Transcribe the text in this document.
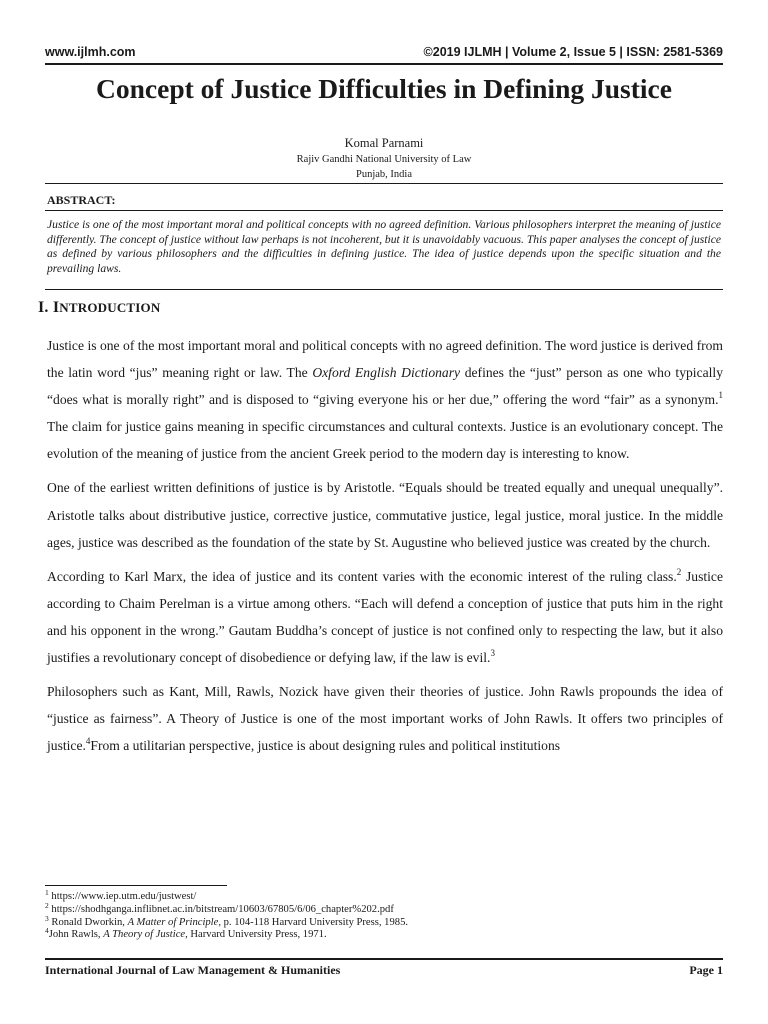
www.ijlmh.com	©2019 IJLMH | Volume 2, Issue 5 | ISSN: 2581-5369
Concept of Justice Difficulties in Defining Justice
Komal Parnami
Rajiv Gandhi National University of Law
Punjab, India
ABSTRACT:
Justice is one of the most important moral and political concepts with no agreed definition. Various philosophers interpret the meaning of justice differently. The concept of justice without law perhaps is not incoherent, but it is unavoidably vacuous. This paper analyses the concept of justice as defined by various philosophers and the difficulties in defining justice. The idea of justice depends upon the specific situation and the prevailing laws.
I. INTRODUCTION

Justice is one of the most important moral and political concepts with no agreed definition. The word justice is derived from the latin word “jus” meaning right or law. The Oxford English Dictionary defines the “just” person as one who typically “does what is morally right” and is disposed to “giving everyone his or her due,” offering the word “fair” as a synonym.$^1$ The claim for justice gains meaning in specific circumstances and cultural contexts. Justice is an evolutionary concept. The evolution of the meaning of justice from the ancient Greek period to the modern day is interesting to know.

One of the earliest written definitions of justice is by Aristotle. “Equals should be treated equally and unequal unequally”. Aristotle talks about distributive justice, corrective justice, commutative justice, legal justice, moral justice. In the middle ages, justice was described as the foundation of the state by St. Augustine who believed justice was created by the church.

According to Karl Marx, the idea of justice and its content varies with the economic interest of the ruling class.$^2$ Justice according to Chaim Perelman is a virtue among others. “Each will defend a conception of justice that puts him in the right and his opponent in the wrong.” Gautam Buddha’s concept of justice is not confined only to respecting the law, but it also justifies a revolutionary concept of disobedience or defying law, if the law is evil.$^3$

Philosophers such as Kant, Mill, Rawls, Nozick have given their theories of justice. John Rawls propounds the idea of “justice as fairness”. A Theory of Justice is one of the most important works of John Rawls. It offers two principles of justice.$^4$From a utilitarian perspective, justice is about designing rules and political institutions

$^1$ https://www.iep.utm.edu/justwest/
$^2$ https://shodhganga.inflibnet.ac.in/bitstream/10603/67805/6/06_chapter%202.pdf
$^3$ Ronald Dworkin, A Matter of Principle, p. 104-118 Harvard University Press, 1985.
$^4$John Rawls, A Theory of Justice, Harvard University Press, 1971.
International Journal of Law Management & Humanities	Page 1
